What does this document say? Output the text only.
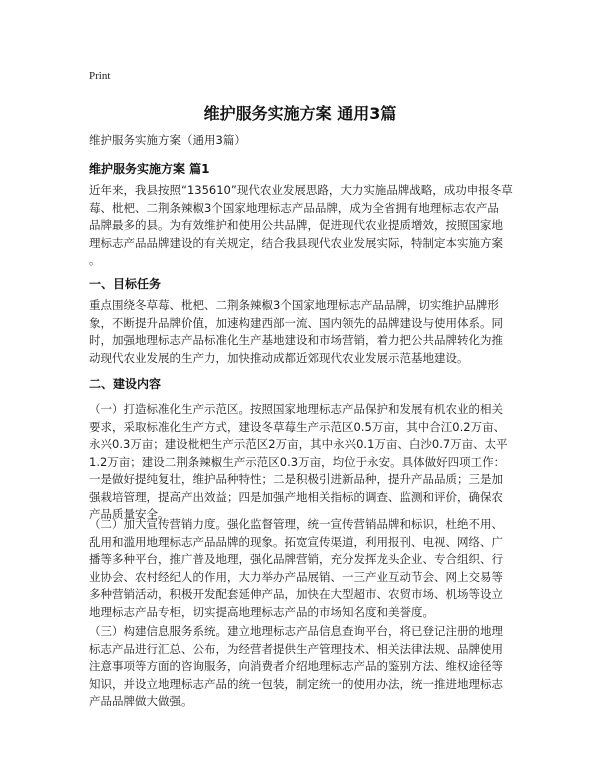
Print
维护服务实施方案 通用3篇
维护服务实施方案（通用3篇）
维护服务实施方案 篇1
近年来，我县按照“135610”现代农业发展思路，大力实施品牌战略，成功申报冬草
莓、枇杷、二荆条辣椒3个国家地理标志产品品牌，成为全省拥有地理标志农产品
品牌最多的县。为有效维护和使用公共品牌，促进现代农业提质增效，按照国家地
理标志产品品牌建设的有关规定，结合我县现代农业发展实际，特制定本实施方案
。
一、目标任务
重点围绕冬草莓、枇杷、二荆条辣椒3个国家地理标志产品品牌，切实维护品牌形
象，不断提升品牌价值，加速构建西部一流、国内领先的品牌建设与使用体系。同
时，加强地理标志产品标准化生产基地建设和市场营销，着力把公共品牌转化为推
动现代农业发展的生产力，加快推动成都近郊现代农业发展示范基地建设。
二、建设内容
（一）打造标准化生产示范区。按照国家地理标志产品保护和发展有机农业的相关
要求，采取标准化生产方式，建设冬草莓生产示范区0.5万亩，其中合江0.2万亩、
永兴0.3万亩；建设枇杷生产示范区2万亩，其中永兴0.1万亩、白沙0.7万亩、太平
1.2万亩；建设二荆条辣椒生产示范区0.3万亩，均位于永安。具体做好四项工作：
一是做好提纯复壮，维护品种特性；二是积极引进新品种，提升产品品质；三是加
强栽培管理，提高产出效益；四是加强产地相关指标的调查、监测和评价，确保农
产品质量安全。
（二）加大宣传营销力度。强化监督管理，统一宣传营销品牌和标识，杜绝不用、
乱用和滥用地理标志产品品牌的现象。拓宽宣传渠道，利用报刊、电视、网络、广
播等多种平台，推广普及地理，强化品牌营销，充分发挥龙头企业、专合组织、行
业协会、农村经纪人的作用，大力举办产品展销、一三产业互动节会、网上交易等
多种营销活动，积极开发配套延伸产品，加快在大型超市、农贸市场、机场等设立
地理标志产品专柜，切实提高地理标志产品的市场知名度和美誉度。
（三）构建信息服务系统。建立地理标志产品信息查询平台，将已登记注册的地理
标志产品进行汇总、公布，为经营者提供生产管理技术、相关法律法规、品牌使用
注意事项等方面的咨询服务，向消费者介绍地理标志产品的鉴别方法、维权途径等
知识，并设立地理标志产品的统一包装，制定统一的使用办法，统一推进地理标志
产品品牌做大做强。
